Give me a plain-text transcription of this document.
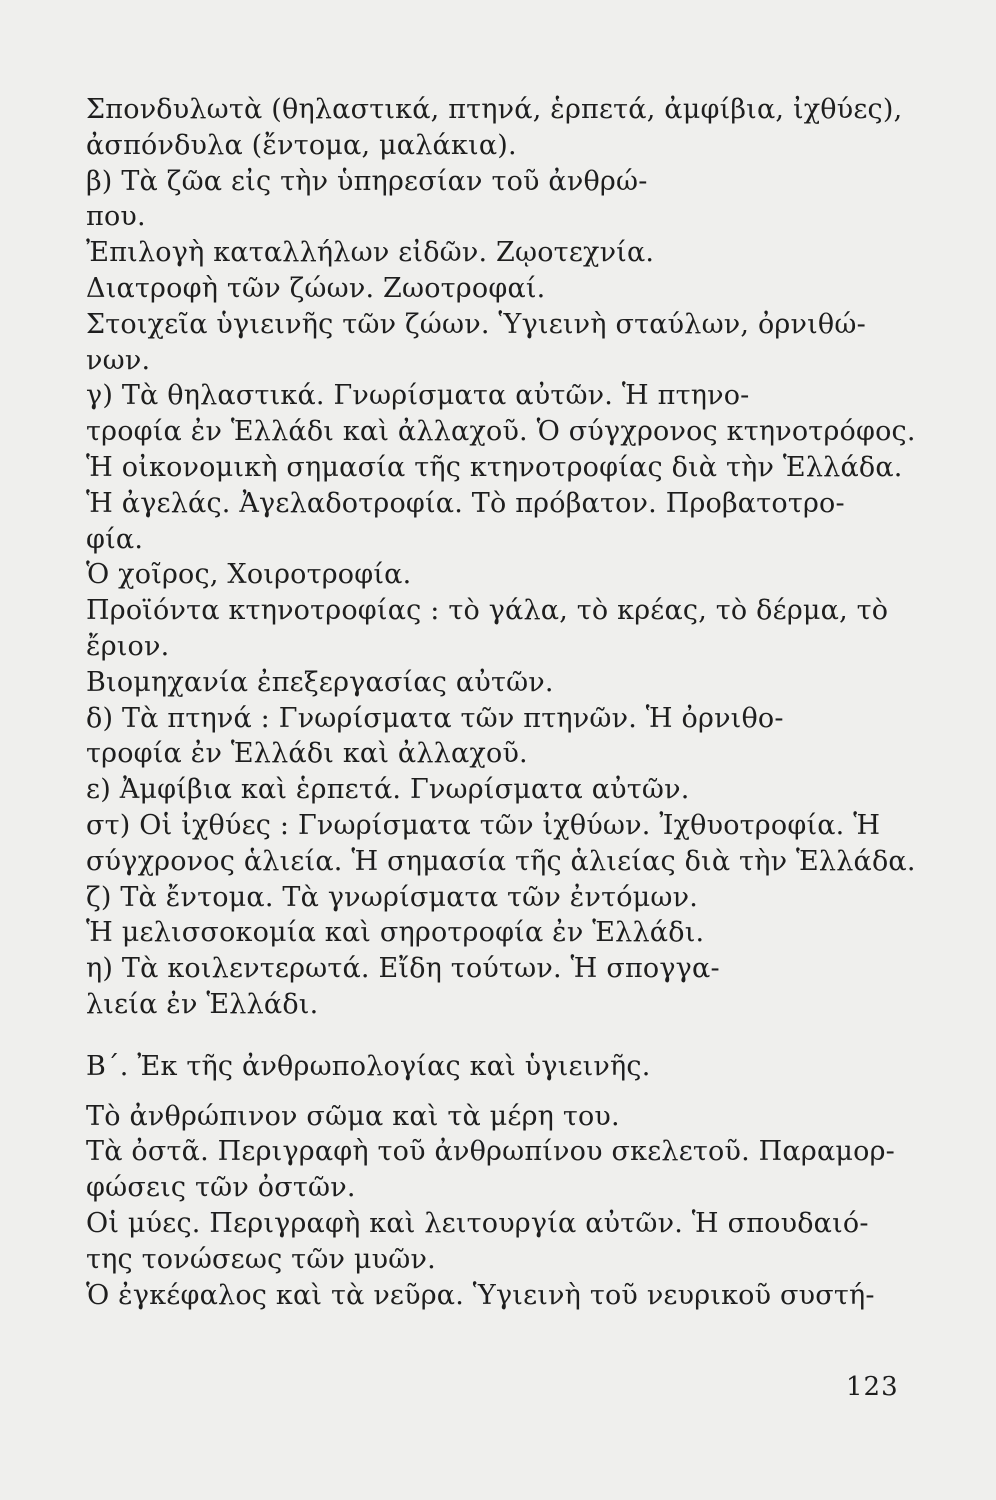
Σπονδυλωτὰ (θηλαστικά, πτηνά, ἑρπετά, ἀμφίβια, ἰχθύες),
ἀσπόνδυλα (ἔντομα, μαλάκια).
β) Τὰ ζῶα εἰς τὴν ὑπηρεσίαν τοῦ ἀνθρώ-
που.
Ἐπιλογὴ καταλλήλων εἰδῶν. Ζῳοτεχνία.
Διατροφὴ τῶν ζώων. Ζωοτροφαί.
Στοιχεῖα ὑγιεινῆς τῶν ζώων. Ὑγιεινὴ σταύλων, ὀρνιθώ-
νων.
γ) Τὰ θηλαστικά. Γνωρίσματα αὐτῶν. Ἡ πτηνο-
τροφία ἐν Ἑλλάδι καὶ ἀλλαχοῦ. Ὁ σύγχρονος κτηνοτρόφος.
Ἡ οἰκονομικὴ σημασία τῆς κτηνοτροφίας διὰ τὴν Ἑλλάδα.
Ἡ ἀγελάς. Ἀγελαδοτροφία. Τὸ πρόβατον. Προβατοτρο-
φία.
Ὁ χοῖρος, Χοιροτροφία.
Προϊόντα κτηνοτροφίας : τὸ γάλα, τὸ κρέας, τὸ δέρμα, τὸ
ἔριον.
Βιομηχανία ἐπεξεργασίας αὐτῶν.
δ) Τὰ πτηνά : Γνωρίσματα τῶν πτηνῶν. Ἡ ὀρνιθο-
τροφία ἐν Ἑλλάδι καὶ ἀλλαχοῦ.
ε) Ἀμφίβια καὶ ἑρπετά. Γνωρίσματα αὐτῶν.
στ) Οἱ ἰχθύες : Γνωρίσματα τῶν ἰχθύων. Ἰχθυοτροφία. Ἡ
σύγχρονος ἁλιεία. Ἡ σημασία τῆς ἁλιείας διὰ τὴν Ἑλλάδα.
ζ) Τὰ ἔντομα. Τὰ γνωρίσματα τῶν ἐντόμων.
Ἡ μελισσοκομία καὶ σηροτροφία ἐν Ἑλλάδι.
η) Τὰ κοιλεντερωτά. Εἴδη τούτων. Ἡ σπογγα-
λιεία ἐν Ἑλλάδι.
Β΄. Ἐκ τῆς ἀνθρωπολογίας καὶ ὑγιεινῆς.
Τὸ ἀνθρώπινον σῶμα καὶ τὰ μέρη του.
Τὰ ὀστᾶ. Περιγραφὴ τοῦ ἀνθρωπίνου σκελετοῦ. Παραμορ-
φώσεις τῶν ὀστῶν.
Οἱ μύες. Περιγραφὴ καὶ λειτουργία αὐτῶν. Ἡ σπουδαιό-
της τονώσεως τῶν μυῶν.
Ὁ ἐγκέφαλος καὶ τὰ νεῦρα. Ὑγιεινὴ τοῦ νευρικοῦ συστή-
123
